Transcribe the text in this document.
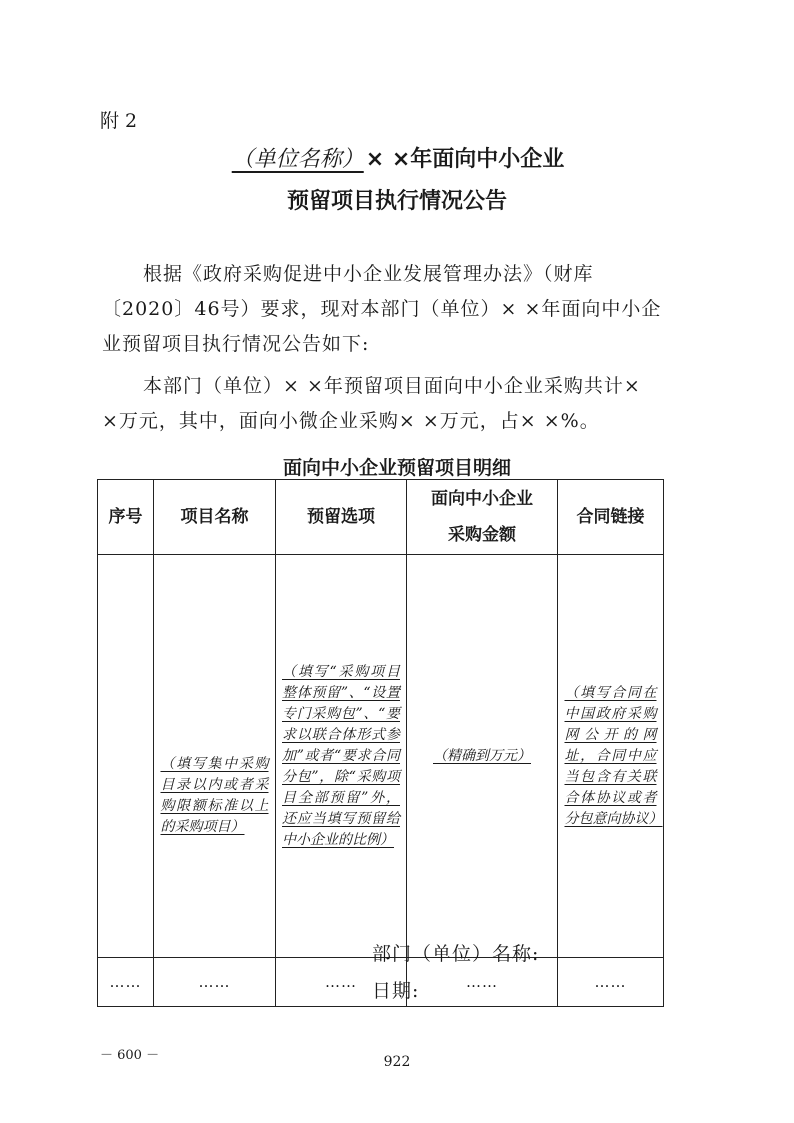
附 2
（单位名称）× ×年面向中小企业
预留项目执行情况公告
根据《政府采购促进中小企业发展管理办法》（财库〔2020〕46号）要求，现对本部门（单位）× ×年面向中小企业预留项目执行情况公告如下:
本部门（单位）× ×年预留项目面向中小企业采购共计× ×万元，其中，面向小微企业采购× ×万元，占× ×%。
面向中小企业预留项目明细
序号	项目名称	预留选项	面向中小企业采购金额	合同链接
	（填写集中采购目录以内或者采购限额标准以上的采购项目）	（填写“采购项目整体预留”、“设置专门采购包”、“要求以联合体形式参加”或者“要求合同分包”，除“采购项目全部预留”外，还应当填写预留给中小企业的比例）	（精确到万元）	（填写合同在中国政府采购网公开的网址，合同中应当包含有关联合体协议或者分包意向协议）
……	……	……	……	……
部门（单位）名称:
日期:
－ 600 －	922
